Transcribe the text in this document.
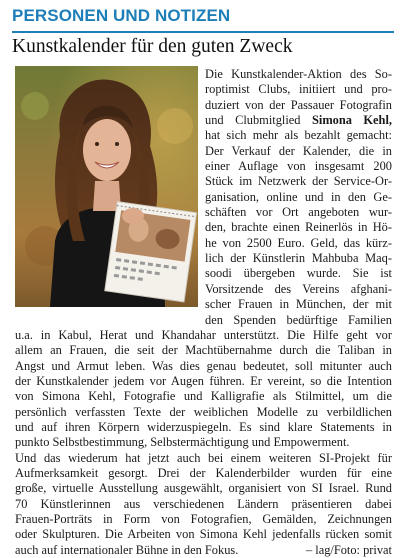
PERSONEN UND NOTIZEN
Kunstkalender für den guten Zweck
Die Kunstkalender-Aktion des So-
roptimist Clubs, initiiert und pro-
duziert von der Passauer Fotografin
und Clubmitglied Simona Kehl,
hat sich mehr als bezahlt gemacht:
Der Verkauf der Kalender, die in
einer Auflage von insgesamt 200
Stück im Netzwerk der Service-Or-
ganisation, online und in den Ge-
schäften vor Ort angeboten wur-
den, brachte einen Reinerlös in Hö-
he von 2500 Euro. Geld, das kürz-
lich der Künstlerin Mahbuba Maq-
soodi übergeben wurde. Sie ist
Vorsitzende des Vereins afghani-
scher Frauen in München, der mit
den Spenden bedürftige Familien
u.a. in Kabul, Herat und Khandahar unterstützt. Die Hilfe geht vor
allem an Frauen, die seit der Machtübernahme durch die Taliban in
Angst und Armut leben. Was dies genau bedeutet, soll mitunter auch
der Kunstkalender jedem vor Augen führen. Er vereint, so die Intention
von Simona Kehl, Fotografie und Kalligrafie als Stilmittel, um die
persönlich verfassten Texte der weiblichen Modelle zu verbildlichen
und auf ihren Körpern widerzuspiegeln. Es sind klare Statements in
punkto Selbstbestimmung, Selbstermächtigung und Empowerment.
Und das wiederum hat jetzt auch bei einem weiteren SI-Projekt für
Aufmerksamkeit gesorgt. Drei der Kalenderbilder wurden für eine
große, virtuelle Ausstellung ausgewählt, organisiert von SI Israel. Rund
70 Künstlerinnen aus verschiedenen Ländern präsentieren dabei
Frauen-Porträts in Form von Fotografien, Gemälden, Zeichnungen
oder Skulpturen. Die Arbeiten von Simona Kehl jedenfalls rücken somit
auch auf internationaler Bühne in den Fokus.	– lag/Foto: privat
